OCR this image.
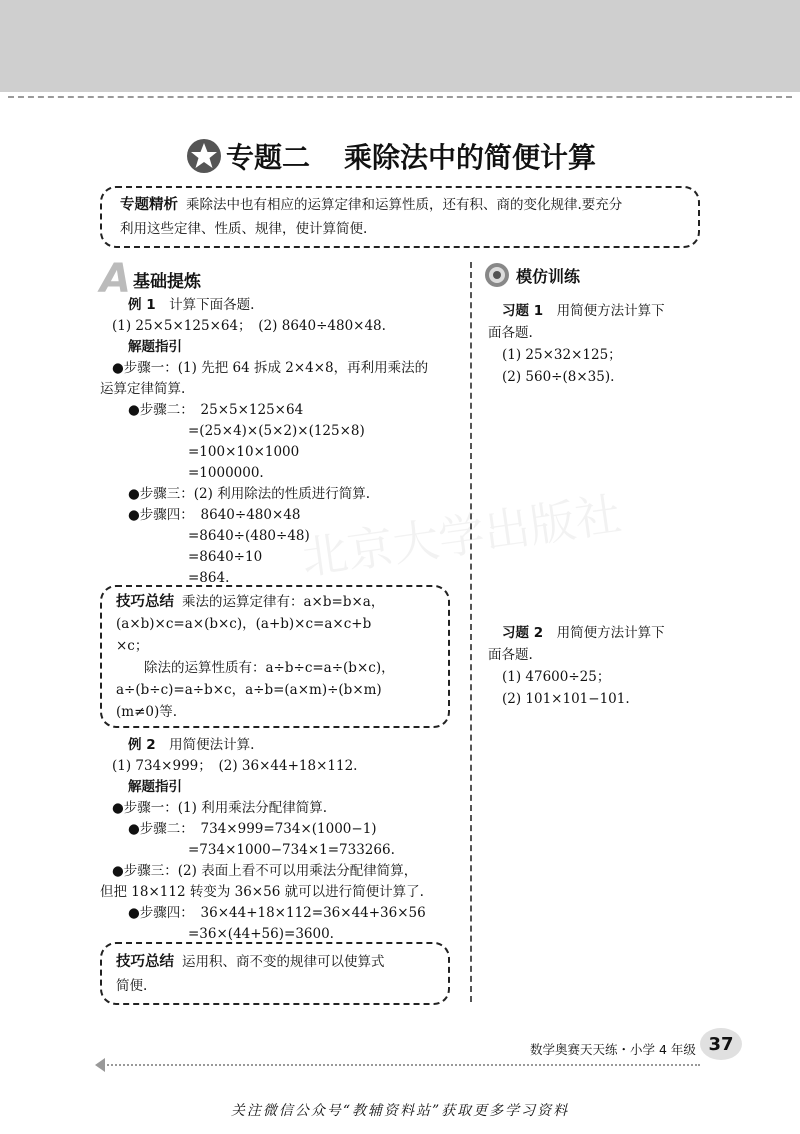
北京大学出版社
专题二 乘除法中的简便计算
专题精析 乘除法中也有相应的运算定律和运算性质，还有积、商的变化规律.要充分
利用这些定律、性质、规律，使计算简便.
A 基础提炼

例 1　 计算下面各题.

(1) 25×5×125×64；　(2) 8640÷480×48.

解题指引

●步骤一：(1) 先把 64 拆成 2×4×8，再利用乘法的

运算定律简算.

●步骤二：　25×5×125×64

=(25×4)×(5×2)×(125×8)

=100×10×1000

=1000000.

●步骤三：(2) 利用除法的性质进行简算.

●步骤四：　8640÷480×48

=8640÷(480÷48)

=8640÷10

=864.

技巧总结 乘法的运算定律有：a×b=b×a，
(a×b)×c=a×(b×c)，(a+b)×c=a×c+b
×c；
除法的运算性质有：a÷b÷c=a÷(b×c)，
a÷(b÷c)=a÷b×c，a÷b=(a×m)÷(b×m)
(m≠0)等.

例 2　 用简便法计算.

(1) 734×999；　(2) 36×44+18×112.

解题指引

●步骤一：(1) 利用乘法分配律简算.

●步骤二：　734×999=734×(1000−1)

=734×1000−734×1=733266.

●步骤三：(2) 表面上看不可以用乘法分配律简算，

但把 18×112 转变为 36×56 就可以进行简便计算了.

●步骤四：　36×44+18×112=36×44+36×56

=36×(44+56)=3600.

技巧总结 运用积、商不变的规律可以使算式
简便.
模仿训练

习题 1　 用简便方法计算下

面各题.

(1) 25×32×125；

(2) 560÷(8×35).

习题 2　 用简便方法计算下

面各题.

(1) 47600÷25；

(2) 101×101−101.

数学奥赛天天练・小学 4 年级 37
关注微信公众号“教辅资料站”获取更多学习资料
